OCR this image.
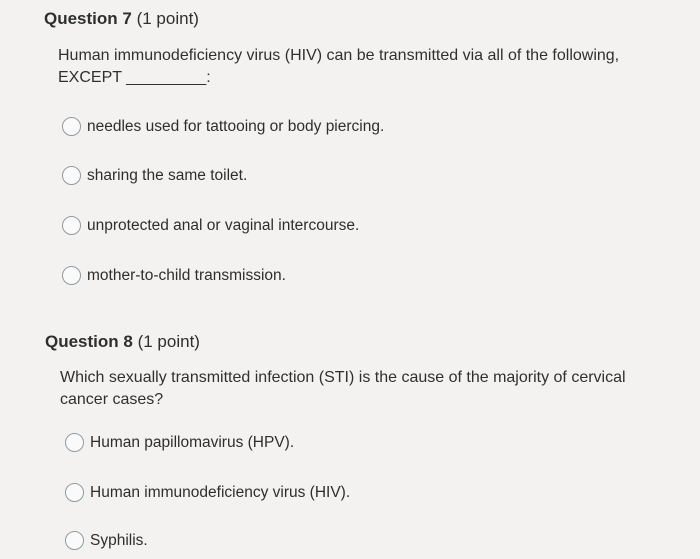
Question 7 (1 point)
Human immunodeficiency virus (HIV) can be transmitted via all of the following,
EXCEPT _________:
needles used for tattooing or body piercing.
sharing the same toilet.
unprotected anal or vaginal intercourse.
mother-to-child transmission.
Question 8 (1 point)
Which sexually transmitted infection (STI) is the cause of the majority of cervical
cancer cases?
Human papillomavirus (HPV).
Human immunodeficiency virus (HIV).
Syphilis.
